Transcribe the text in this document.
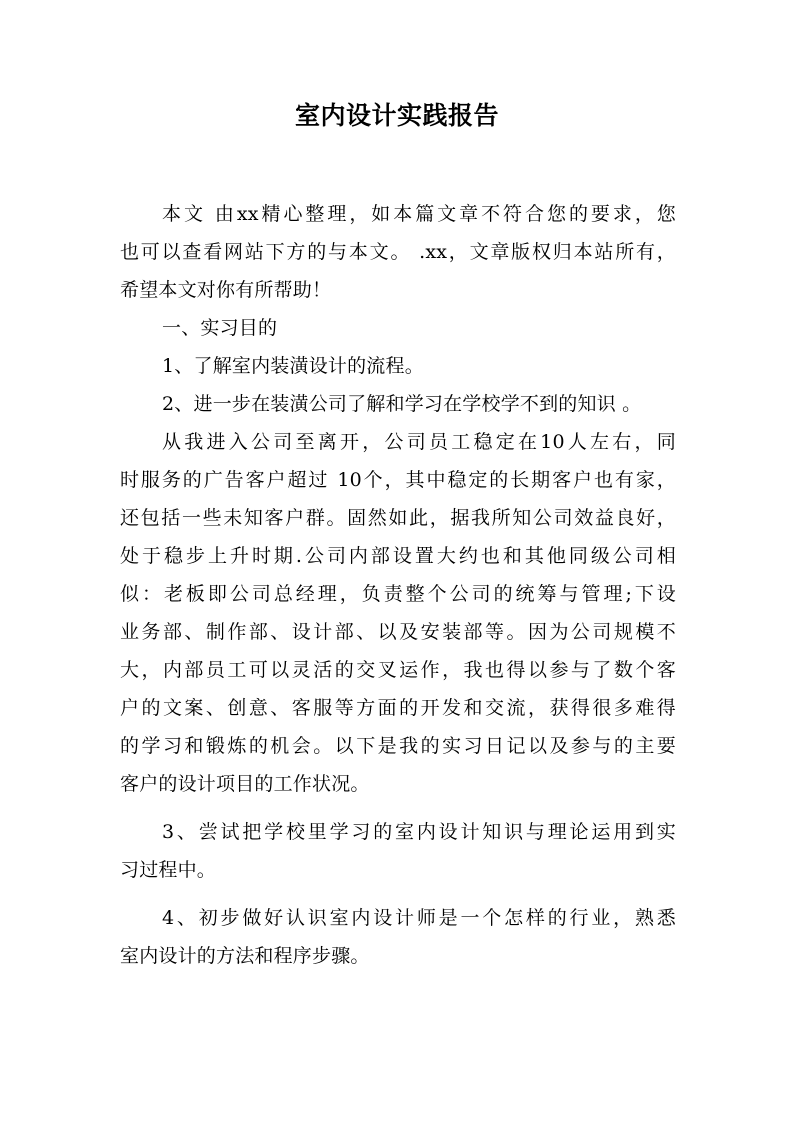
室内设计实践报告
本文 由xx精心整理，如本篇文章不符合您的要求，您
也可以查看网站下方的与本文。 .xx，文章版权归本站所有，
希望本文对你有所帮助！
一、实习目的
1、了解室内装潢设计的流程。
2、进一步在装潢公司了解和学习在学校学不到的知识 。
从我进入公司至离开，公司员工稳定在10人左右，同
时服务的广告客户超过 10个，其中稳定的长期客户也有家，
还包括一些未知客户群。固然如此，据我所知公司效益良好，
处于稳步上升时期.公司内部设置大约也和其他同级公司相
似：老板即公司总经理，负责整个公司的统筹与管理;下设
业务部、制作部、设计部、以及安装部等。因为公司规模不
大，内部员工可以灵活的交叉运作，我也得以参与了数个客
户的文案、创意、客服等方面的开发和交流，获得很多难得
的学习和锻炼的机会。以下是我的实习日记以及参与的主要
客户的设计项目的工作状况。
3、尝试把学校里学习的室内设计知识与理论运用到实
习过程中。
4、初步做好认识室内设计师是一个怎样的行业，熟悉
室内设计的方法和程序步骤。
